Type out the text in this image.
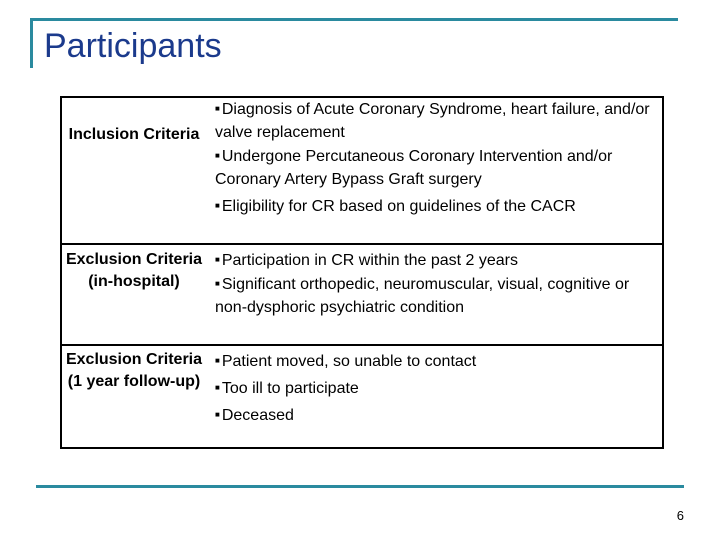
Participants
Inclusion Criteria
■ Diagnosis of Acute Coronary Syndrome, heart failure, and/or valve replacement
■ Undergone Percutaneous Coronary Intervention and/or Coronary Artery Bypass Graft surgery
■ Eligibility for CR based on guidelines of the CACR
Exclusion Criteria (in-hospital)
■ Participation in CR within the past 2 years
■ Significant orthopedic, neuromuscular, visual, cognitive or non-dysphoric psychiatric condition
Exclusion Criteria (1 year follow-up)
■ Patient moved, so unable to contact
■ Too ill to participate
■ Deceased
6
